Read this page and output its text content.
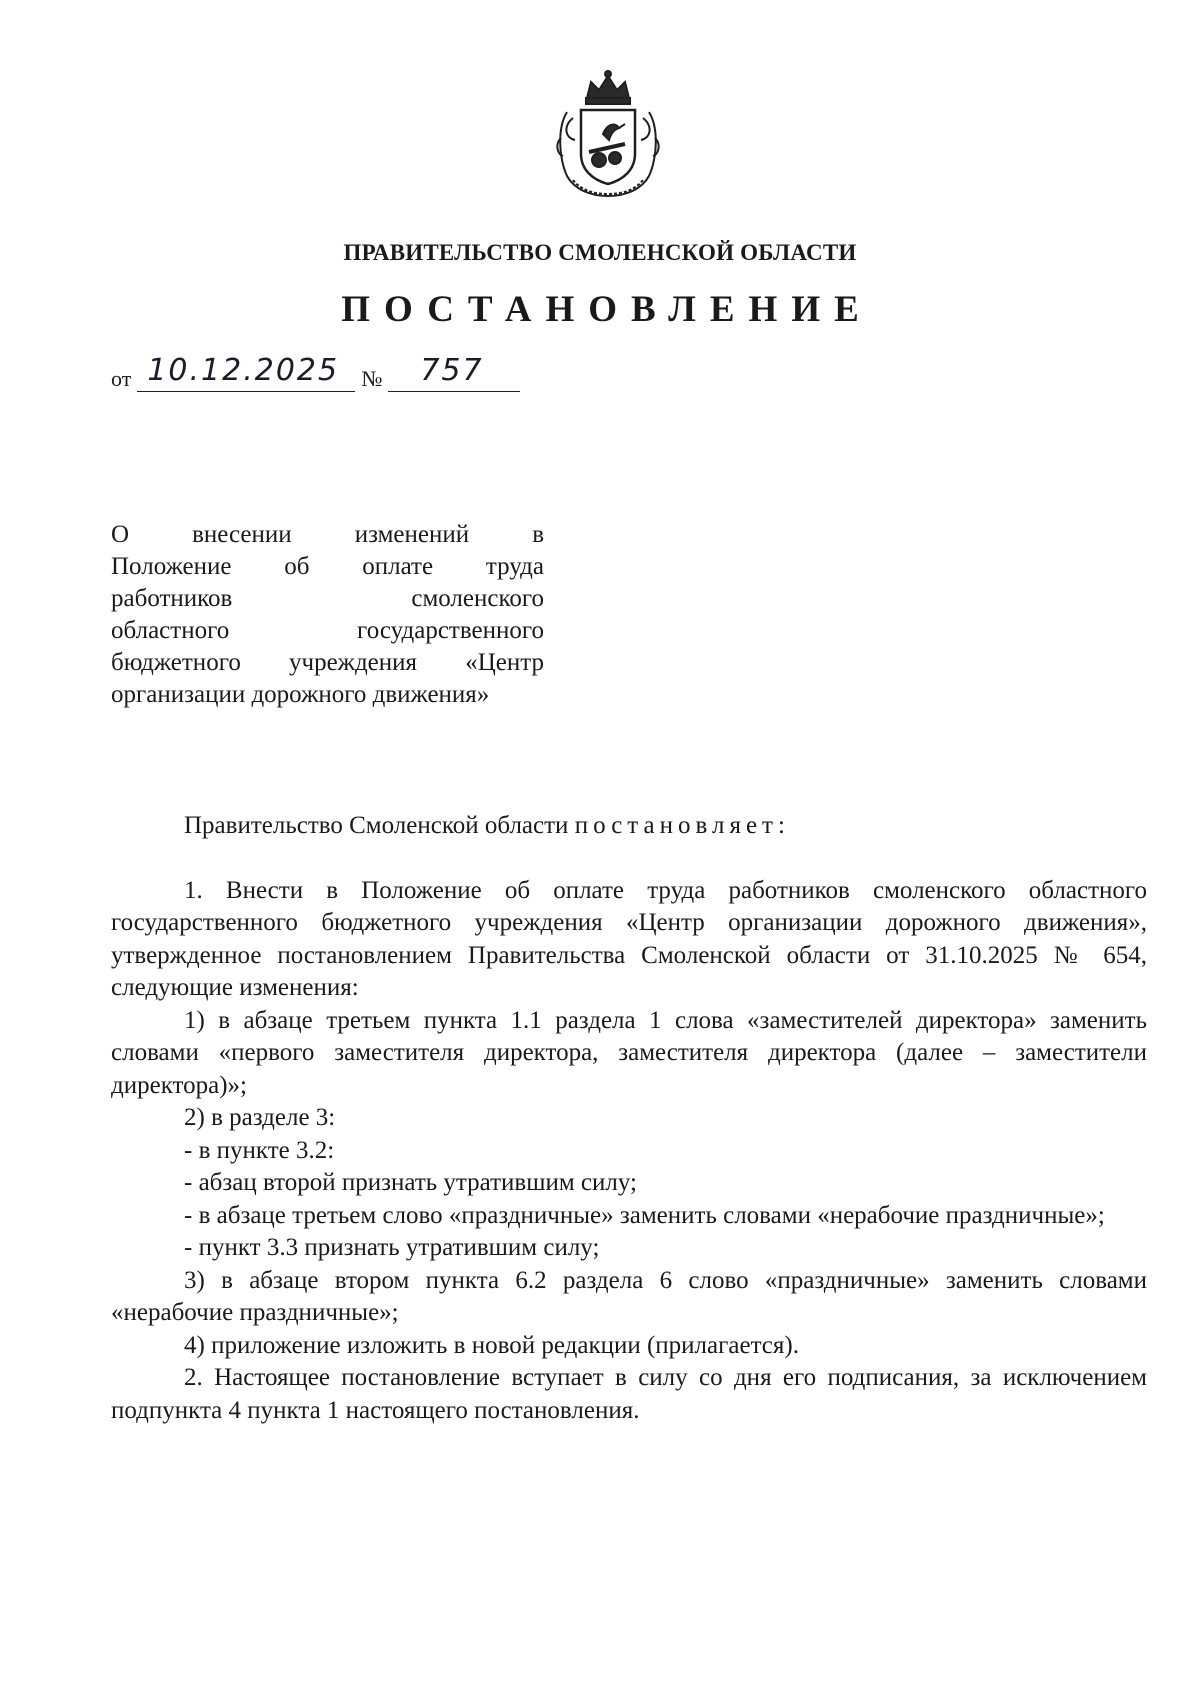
ПРАВИТЕЛЬСТВО СМОЛЕНСКОЙ ОБЛАСТИ
ПОСТАНОВЛЕНИЕ
от 10.12.2025 № 757
О внесении изменений в
Положение об оплате труда
работников смоленского
областного государственного
бюджетного учреждения «Центр
организации дорожного движения»

Правительство Смоленской области постановляет:

1. Внести в Положение об оплате труда работников смоленского областного государственного бюджетного учреждения «Центр организации дорожного движения», утвержденное постановлением Правительства Смоленской области от 31.10.2025 № 654, следующие изменения:

1) в абзаце третьем пункта 1.1 раздела 1 слова «заместителей директора» заменить словами «первого заместителя директора, заместителя директора (далее – заместители директора)»;

2) в разделе 3:

- в пункте 3.2:

- абзац второй признать утратившим силу;

- в абзаце третьем слово «праздничные» заменить словами «нерабочие праздничные»;

- пункт 3.3 признать утратившим силу;

3) в абзаце втором пункта 6.2 раздела 6 слово «праздничные» заменить словами «нерабочие праздничные»;

4) приложение изложить в новой редакции (прилагается).

2. Настоящее постановление вступает в силу со дня его подписания, за исключением подпункта 4 пункта 1 настоящего постановления.
